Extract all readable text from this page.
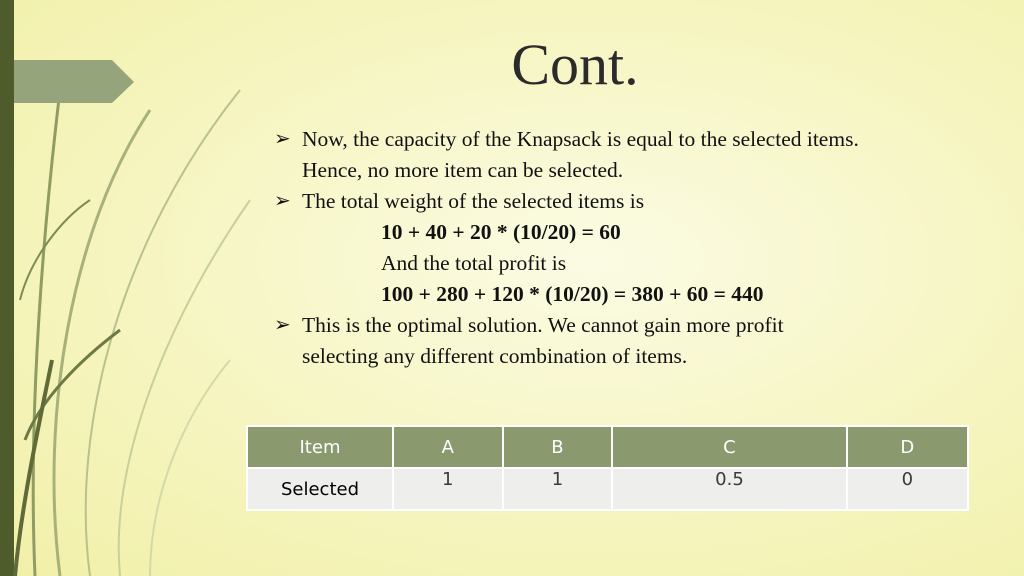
Cont.
➢ Now, the capacity of the Knapsack is equal to the selected items.
Hence, no more item can be selected.
➢ The total weight of the selected items is
10 + 40 + 20 * (10/20) = 60
And the total profit is
100 + 280 + 120 * (10/20) = 380 + 60 = 440
➢ This is the optimal solution. We cannot gain more profit
selecting any different combination of items.
Item	A	B	C	D
Selected	1	1	0.5	0
